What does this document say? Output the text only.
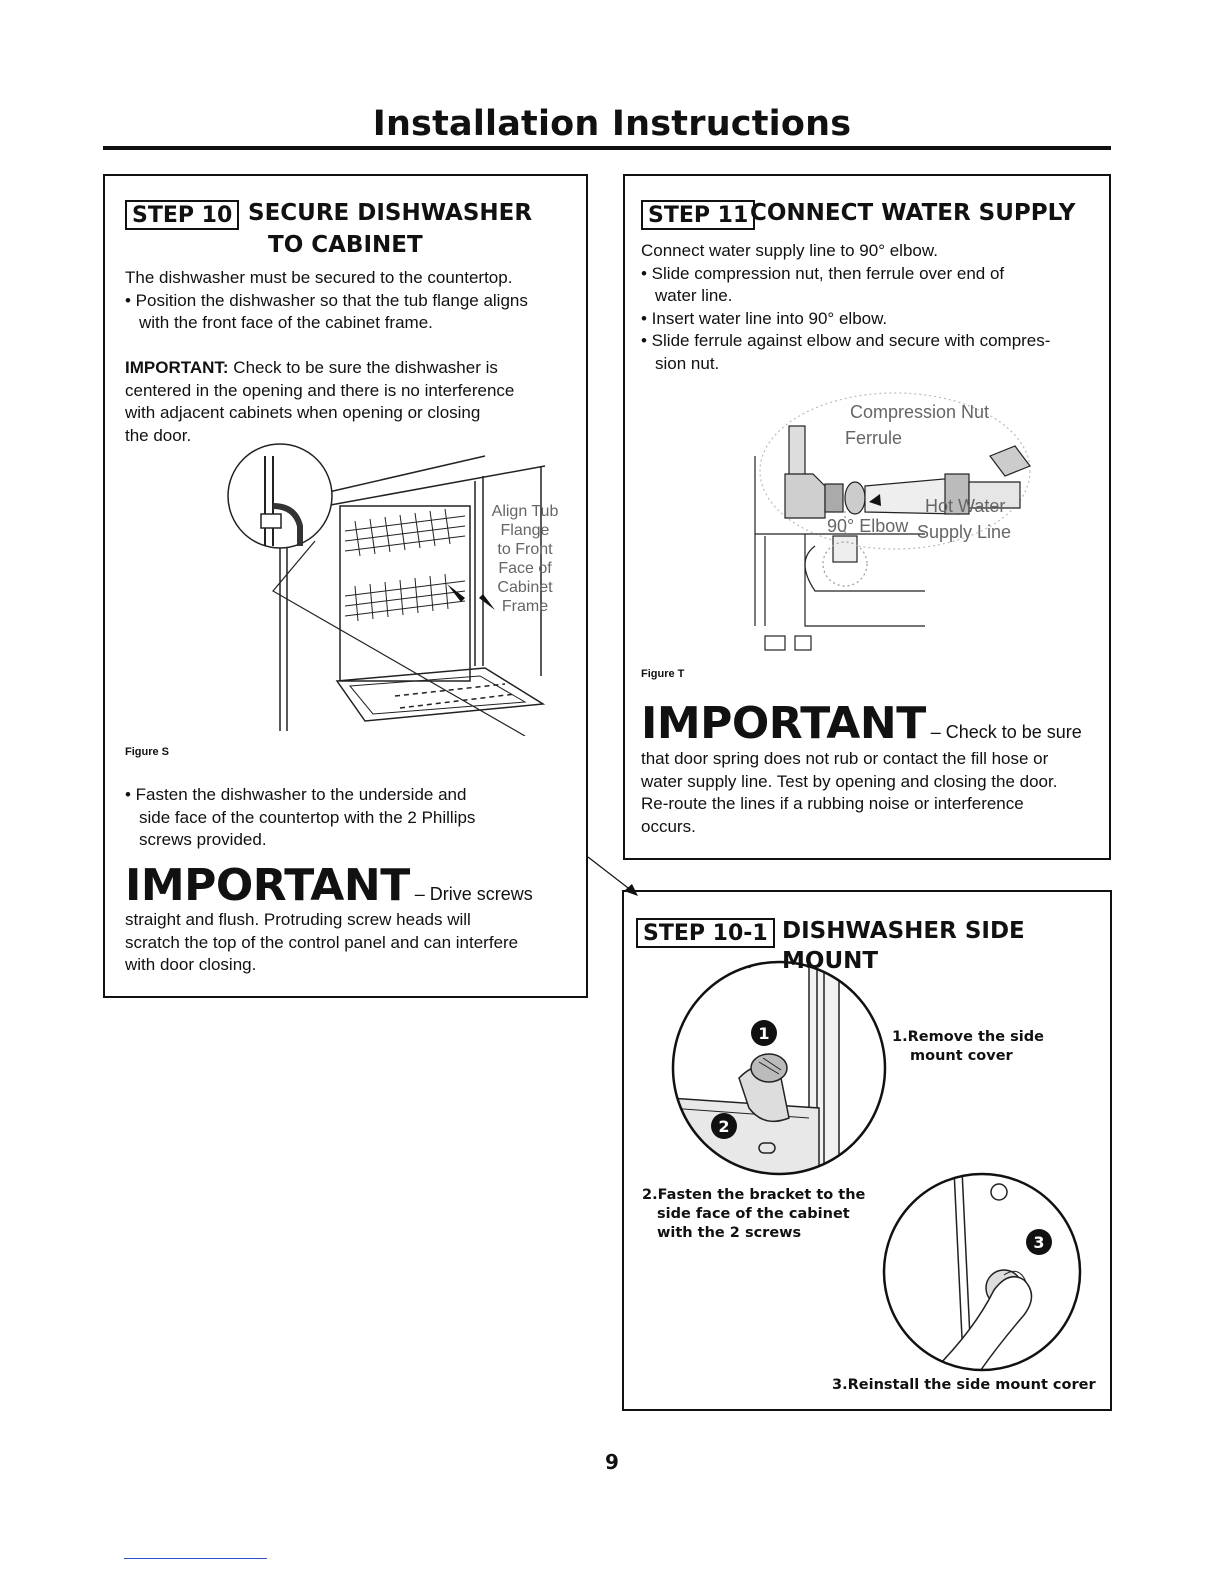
Installation Instructions
STEP 10 SECURE DISHWASHER
TO CABINET
The dishwasher must be secured to the countertop.
• Position the dishwasher so that the tub flange aligns
with the front face of the cabinet frame.
IMPORTANT: Check to be sure the dishwasher is
centered in the opening and there is no interference
with adjacent cabinets when opening or closing
the door.
Align Tub
Flange
to Front
Face of
Cabinet
Frame
Figure S
• Fasten the dishwasher to the underside and
side face of the countertop with the 2 Phillips
screws provided.
IMPORTANT – Drive screws
straight and flush. Protruding screw heads will
scratch the top of the control panel and can interfere
with door closing.
STEP 11 CONNECT WATER SUPPLY
Connect water supply line to 90° elbow.
• Slide compression nut, then ferrule over end of
water line.
• Insert water line into 90° elbow.
• Slide ferrule against elbow and secure with compres-
sion nut.
Compression Nut
Ferrule
90° Elbow
Hot Water
Supply Line
Figure T
IMPORTANT – Check to be sure
that door spring does not rub or contact the fill hose or
water supply line. Test by opening and closing the door.
Re-route the lines if a rubbing noise or interference
occurs.
STEP 10-1 DISHWASHER SIDE MOUNT
1
2
1.Remove the side
mount cover
2.Fasten the bracket to the
side face of the cabinet
with the 2 screws	3
3.Reinstall the side mount corer
9
